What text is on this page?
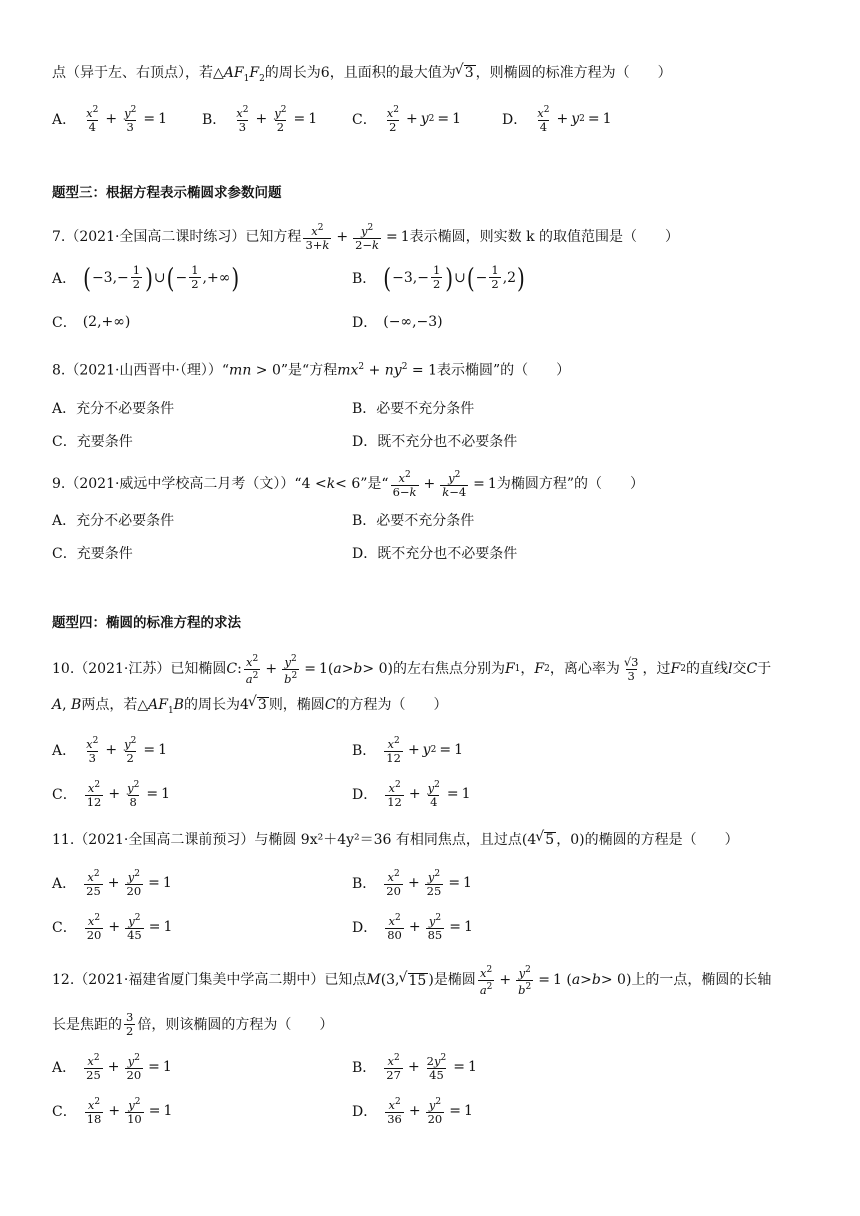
点（异于左、右顶点），若$\triangle AF_1F_2$的周长为6，且面积的最大值为 √ 3 ，则椭圆的标准方程为（　　）
A． $\frac{x^2}{4} + \frac{y^2}{3} = 1$	B． $\frac{x^2}{3} + \frac{y^2}{2} = 1$ C． $\frac{x^2}{2} + y$ 2 = 1	D． $\frac{x^2}{4} + y$ 2 = 1
题型三：根据方程表示椭圆求参数问题
7.（2021·全国高二课时练习）已知方程 $\frac{x^2}{3+k} + \frac{y^2}{2-k} = 1$ 表示椭圆，则实数 k 的取值范围是（　　）
A． ( $-3,- \frac{1}{2}$ ) ∪ ( − $\frac{1}{2}$ ,+∞ )	B． ( $-3,- \frac{1}{2}$ ) ∪ ( − $\frac{1}{2} ,2$ )
C． (2,+∞)	D． (−∞,−3)
8.（2021·山西晋中·（理））“mn > 0”是“方程$mx^2 + ny^2 = 1$表示椭圆”的（　　）
A．充分不必要条件	B．必要不充分条件
C．充要条件	D．既不充分也不必要条件
9.（2021·威远中学校高二月考（文））“ 4 < k < 6 ”是“ $\frac{x^2}{6-k} + \frac{y^2}{k-4} = 1$ 为椭圆方程”的（　　）
A．充分不必要条件	B．必要不充分条件
C．充要条件	D．既不充分也不必要条件
题型四：椭圆的标准方程的求法
10.（2021·江苏）已知椭圆 C : $\frac{x^2}{a^2} + \frac{y^2}{b^2} = 1$( a > b > 0) 的左右焦点分别为 F 1 ， F 2 ，离心率为 $\frac{√3}{3}$ ，过 F 2 的直线 l 交 C 于
A, B两点，若$\triangle AF_1B$的周长为4 √ 3 则，椭圆C的方程为（　　）
A． $\frac{x^2}{3} + \frac{y^2}{2} = 1$	B． $\frac{x^2}{12} + y$ 2 = 1
C． $\frac{x^2}{12} + \frac{y^2}{8} = 1$	D． $\frac{x^2}{12} + \frac{y^2}{4} = 1$
11.（2021·全国高二课前预习）与椭圆 9x²＋4y²＝36 有相同焦点，且过点(4 √ 5 ，0)的椭圆的方程是（　　）
A． $\frac{x^2}{25} + \frac{y^2}{20} = 1$	B． $\frac{x^2}{20} + \frac{y^2}{25} = 1$
C． $\frac{x^2}{20} + \frac{y^2}{45} = 1$	D． $\frac{x^2}{80} + \frac{y^2}{85} = 1$
12.（2021·福建省厦门集美中学高二期中）已知点 M (3, √ 15 ) 是椭圆 $\frac{x^2}{a^2} + \frac{y^2}{b^2} = 1$ ( a > b > 0) 上的一点，椭圆的长轴
长是焦距的 $\frac{3}{2}$ 倍，则该椭圆的方程为（　　）
A． $\frac{x^2}{25} + \frac{y^2}{20} = 1$	B． $\frac{x^2}{27} + \frac{2y^2}{45} = 1$
C． $\frac{x^2}{18} + \frac{y^2}{10} = 1$	D． $\frac{x^2}{36} + \frac{y^2}{20} = 1$
